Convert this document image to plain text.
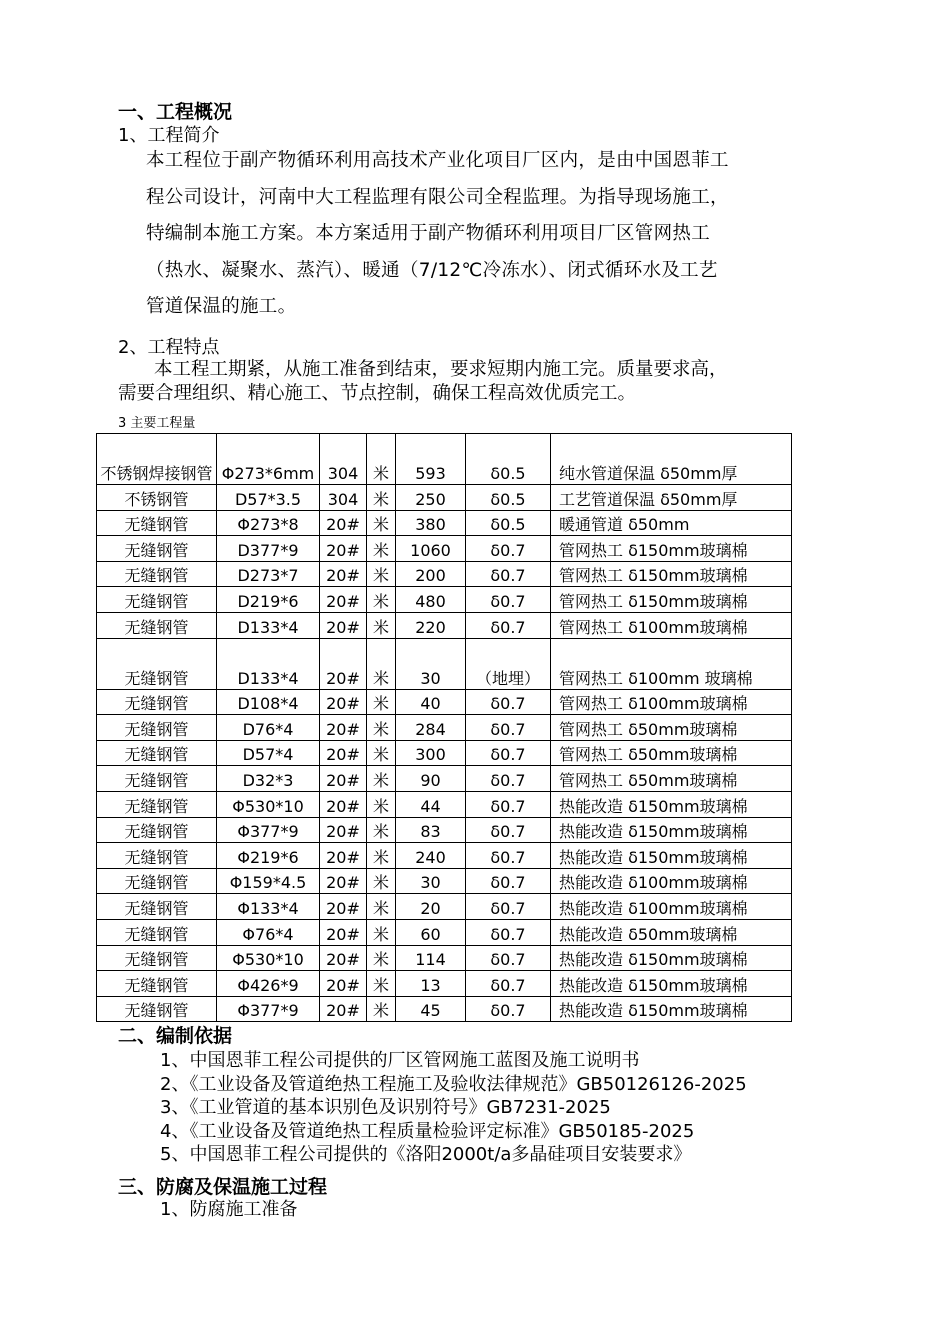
一、工程概况
1、工程简介
本工程位于副产物循环利用高技术产业化项目厂区内，是由中国恩菲工
程公司设计，河南中大工程监理有限公司全程监理。为指导现场施工，
特编制本施工方案。本方案适用于副产物循环利用项目厂区管网热工
（热水、凝聚水、蒸汽）、暖通（7/12℃冷冻水）、闭式循环水及工艺
管道保温的施工。
2、工程特点
本工程工期紧，从施工准备到结束，要求短期内施工完。质量要求高，
需要合理组织、精心施工、节点控制，确保工程高效优质完工。
3 主要工程量
不锈钢焊接钢管	Φ273*6mm	304	米	593	δ0.5	纯水管道保温 δ50mm厚
不锈钢管	D57*3.5	304	米	250	δ0.5	工艺管道保温 δ50mm厚
无缝钢管	Φ273*8	20#	米	380	δ0.5	暖通管道 δ50mm
无缝钢管	D377*9	20#	米	1060	δ0.7	管网热工 δ150mm玻璃棉
无缝钢管	D273*7	20#	米	200	δ0.7	管网热工 δ150mm玻璃棉
无缝钢管	D219*6	20#	米	480	δ0.7	管网热工 δ150mm玻璃棉
无缝钢管	D133*4	20#	米	220	δ0.7	管网热工 δ100mm玻璃棉
无缝钢管	D133*4	20#	米	30	（地埋）	管网热工 δ100mm 玻璃棉
无缝钢管	D108*4	20#	米	40	δ0.7	管网热工 δ100mm玻璃棉
无缝钢管	D76*4	20#	米	284	δ0.7	管网热工 δ50mm玻璃棉
无缝钢管	D57*4	20#	米	300	δ0.7	管网热工 δ50mm玻璃棉
无缝钢管	D32*3	20#	米	90	δ0.7	管网热工 δ50mm玻璃棉
无缝钢管	Φ530*10	20#	米	44	δ0.7	热能改造 δ150mm玻璃棉
无缝钢管	Φ377*9	20#	米	83	δ0.7	热能改造 δ150mm玻璃棉
无缝钢管	Φ219*6	20#	米	240	δ0.7	热能改造 δ150mm玻璃棉
无缝钢管	Φ159*4.5	20#	米	30	δ0.7	热能改造 δ100mm玻璃棉
无缝钢管	Φ133*4	20#	米	20	δ0.7	热能改造 δ100mm玻璃棉
无缝钢管	Φ76*4	20#	米	60	δ0.7	热能改造 δ50mm玻璃棉
无缝钢管	Φ530*10	20#	米	114	δ0.7	热能改造 δ150mm玻璃棉
无缝钢管	Φ426*9	20#	米	13	δ0.7	热能改造 δ150mm玻璃棉
无缝钢管	Φ377*9	20#	米	45	δ0.7	热能改造 δ150mm玻璃棉
二、编制依据
1、中国恩菲工程公司提供的厂区管网施工蓝图及施工说明书
2、《工业设备及管道绝热工程施工及验收法律规范》GB50126126-2025
3、《工业管道的基本识别色及识别符号》GB7231-2025
4、《工业设备及管道绝热工程质量检验评定标准》GB50185-2025
5、中国恩菲工程公司提供的《洛阳2000t/a多晶硅项目安装要求》
三、防腐及保温施工过程
1、防腐施工准备
